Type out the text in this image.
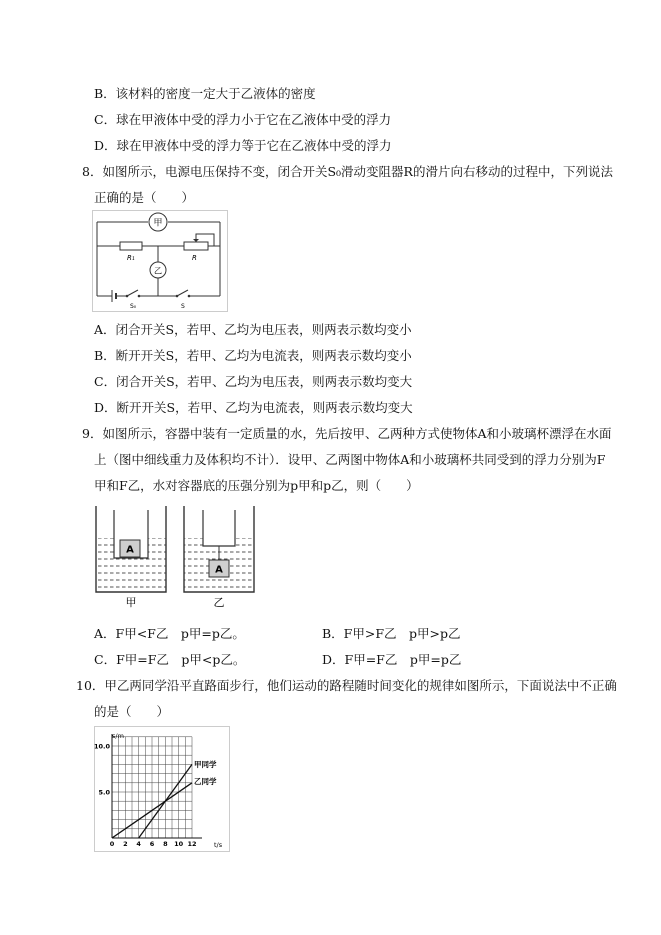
B．该材料的密度一定大于乙液体的密度
C．球在甲液体中受的浮力小于它在乙液体中受的浮力
D．球在甲液体中受的浮力等于它在乙液体中受的浮力
8．如图所示，电源电压保持不变，闭合开关S₀滑动变阻器R的滑片向右移动的过程中，下列说法
正确的是（　　）
甲
R₁	R
乙
S₀	S
A．闭合开关S，若甲、乙均为电压表，则两表示数均变小
B．断开开关S，若甲、乙均为电流表，则两表示数均变小
C．闭合开关S，若甲、乙均为电压表，则两表示数均变大
D．断开开关S，若甲、乙均为电流表，则两表示数均变大
9．如图所示，容器中装有一定质量的水，先后按甲、乙两种方式使物体A和小玻璃杯漂浮在水面
上（图中细线重力及体积均不计）．设甲、乙两图中物体A和小玻璃杯共同受到的浮力分别为F
甲和F乙，水对容器底的压强分别为p甲和p乙，则（　　）
A
A
甲	乙
A．F甲<F乙　p甲=p乙。	B．F甲>F乙　p甲>p乙
C．F甲=F乙　p甲<p乙。	D．F甲=F乙　p甲=p乙
10．甲乙两同学沿平直路面步行，他们运动的路程随时间变化的规律如图所示，下面说法中不正确
的是（　　）
0 2 4 6 8 10 12
5.0
10.0
s/m
t/s
甲同学
乙同学
